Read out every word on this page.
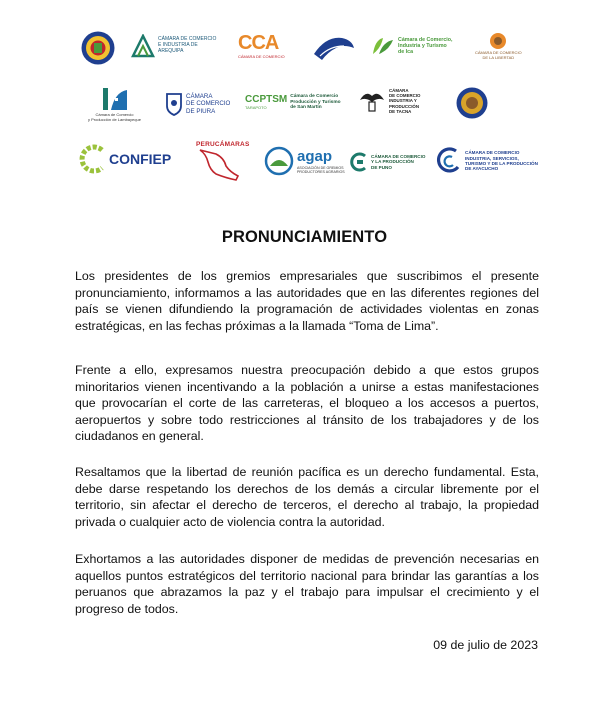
CÁMARA DE COMERCIO
E INDUSTRIA DE
AREQUIPA	CCA
CÁMARA DE COMERCIO
Cámara de Comercio,
Industria y Turismo
de Ica	CÁMARA DE COMERCIO
DE LA LIBERTAD
Cámara de Comercio
y Producción de Lambayeque
CÁMARA
DE COMERCIO
DE PIURA
CCPTSM
TARAPOTO
Cámara de Comercio
Producción y Turismo
de San Martín
CÁMARA
DE COMERCIO
INDUSTRIA Y
PRODUCCIÓN
DE TACNA
CONFIEP
PERUCÁMARAS
agap
ASOCIACIÓN DE GREMIOS
PRODUCTORES AGRARIOS
CÁMARA DE COMERCIO
Y LA PRODUCCIÓN
DE PUNO
CÁMARA DE COMERCIO
INDUSTRIA, SERVICIOS,
TURISMO Y DE LA PRODUCCIÓN
DE AYACUCHO
PRONUNCIAMIENTO

Los presidentes de los gremios empresariales que suscribimos el presente pronunciamiento, informamos a las autoridades que en las diferentes regiones del país se vienen difundiendo la programación de actividades violentas en zonas estratégicas, en las fechas próximas a la llamada “Toma de Lima”.

Frente a ello, expresamos nuestra preocupación debido a que estos grupos minoritarios vienen incentivando a la población a unirse a estas manifestaciones que provocarían el corte de las carreteras, el bloqueo a los accesos a puertos, aeropuertos y sobre todo restricciones al tránsito de los trabajadores y de los ciudadanos en general.

Resaltamos que la libertad de reunión pacífica es un derecho fundamental. Esta, debe darse respetando los derechos de los demás a circular libremente por el territorio, sin afectar el derecho de terceros, el derecho al trabajo, la propiedad privada o cualquier acto de violencia contra la autoridad.

Exhortamos a las autoridades disponer de medidas de prevención necesarias en aquellos puntos estratégicos del territorio nacional para brindar las garantías a los peruanos que abrazamos la paz y el trabajo para impulsar el crecimiento y el progreso de todos.

09 de julio de 2023
